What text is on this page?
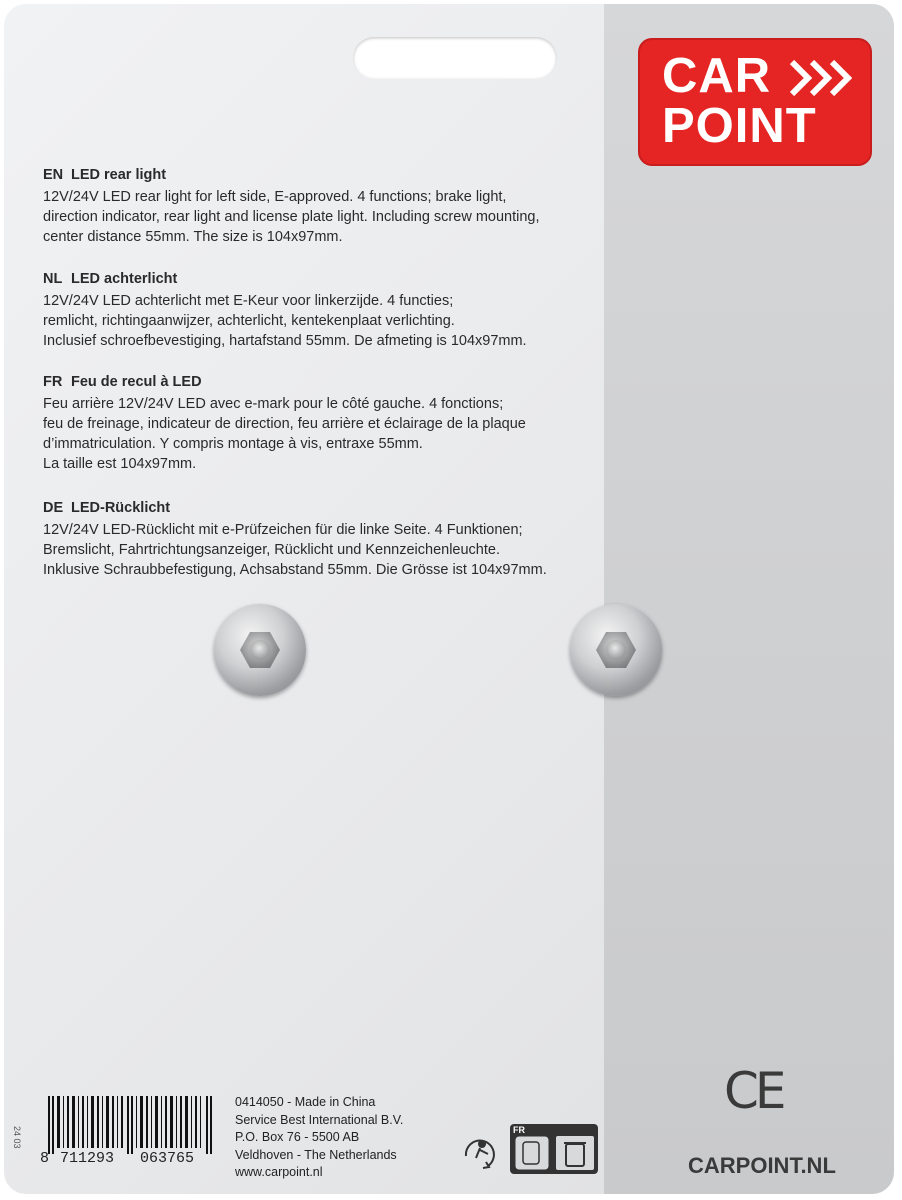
CAR
POINT
EN LED rear light
12V/24V LED rear light for left side, E-approved. 4 functions; brake light,
direction indicator, rear light and license plate light. Including screw mounting,
center distance 55mm. The size is 104x97mm.
NL LED achterlicht
12V/24V LED achterlicht met E-Keur voor linkerzijde. 4 functies;
remlicht, richtingaanwijzer, achterlicht, kentekenplaat verlichting.
Inclusief schroefbevestiging, hartafstand 55mm. De afmeting is 104x97mm.
FR Feu de recul à LED
Feu arrière 12V/24V LED avec e-mark pour le côté gauche. 4 fonctions;
feu de freinage, indicateur de direction, feu arrière et éclairage de la plaque
d’immatriculation. Y compris montage à vis, entraxe 55mm.
La taille est 104x97mm.
DE LED-Rücklicht
12V/24V LED-Rücklicht mit e-Prüfzeichen für die linke Seite. 4 Funktionen;
Bremslicht, Fahrtrichtungsanzeiger, Rücklicht und Kennzeichenleuchte.
Inklusive Schraubbefestigung, Achsabstand 55mm. Die Grösse ist 104x97mm.
CE
CARPOINT.NL
8 711293 063765
24 03
0414050 - Made in China
Service Best International B.V.
P.O. Box 76 - 5500 AB
Veldhoven - The Netherlands
www.carpoint.nl
FR
